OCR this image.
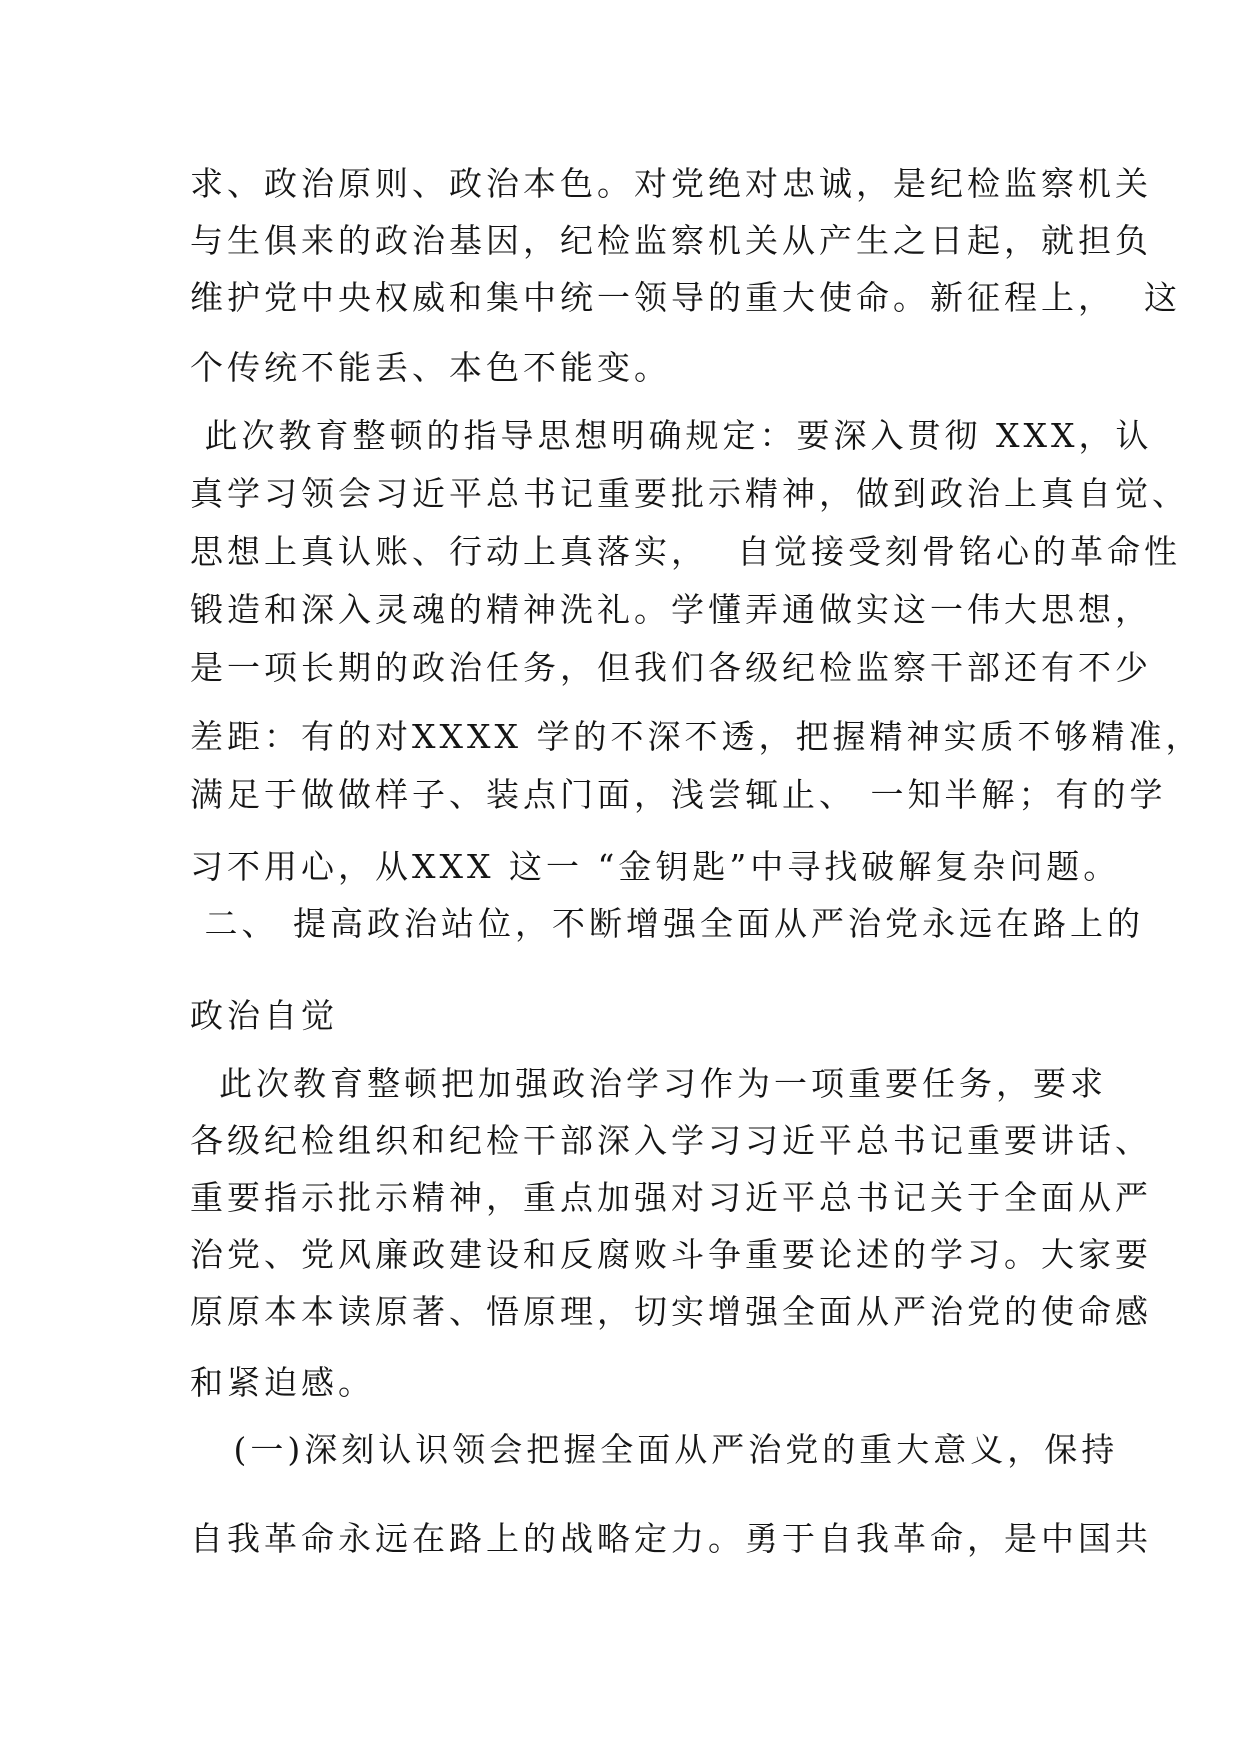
求、政治原则、政治本色。对党绝对忠诚，是纪检监察机关

与生俱来的政治基因，纪检监察机关从产生之日起，就担负

维护党中央权威和集中统一领导的重大使命。新征程上，  这

个传统不能丢、本色不能变。

此次教育整顿的指导思想明确规定：要深入贯彻 XXX，认

真学习领会习近平总书记重要批示精神，做到政治上真自觉、

思想上真认账、行动上真落实，  自觉接受刻骨铭心的革命性

锻造和深入灵魂的精神洗礼。学懂弄通做实这一伟大思想，

是一项长期的政治任务，但我们各级纪检监察干部还有不少

差距：有的对XXXX 学的不深不透，把握精神实质不够精准，

满足于做做样子、装点门面，浅尝辄止、 一知半解；有的学

习不用心，从XXX 这一 “金钥匙”中寻找破解复杂问题。

二、 提高政治站位，不断增强全面从严治党永远在路上的

政治自觉

此次教育整顿把加强政治学习作为一项重要任务，要求

各级纪检组织和纪检干部深入学习习近平总书记重要讲话、

重要指示批示精神，重点加强对习近平总书记关于全面从严

治党、党风廉政建设和反腐败斗争重要论述的学习。大家要

原原本本读原著、悟原理，切实增强全面从严治党的使命感

和紧迫感。

(一)深刻认识领会把握全面从严治党的重大意义，保持

自我革命永远在路上的战略定力。勇于自我革命，是中国共
